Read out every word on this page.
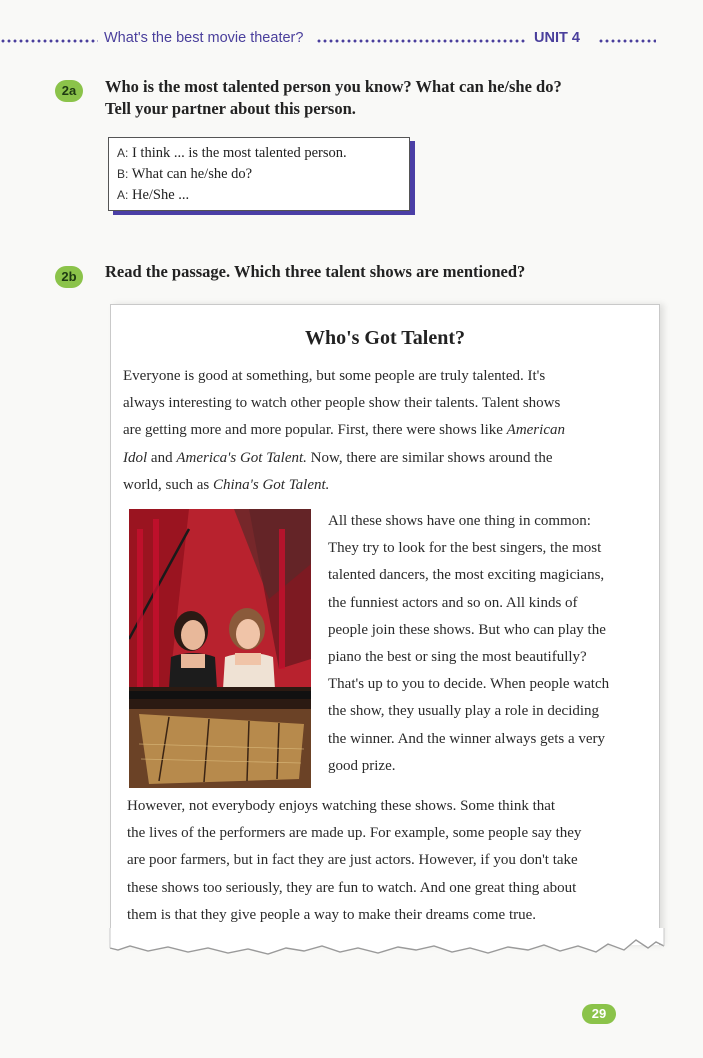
What's the best movie theater?	UNIT 4
2a	Who is the most talented person you know? What can he/she do?
Tell your partner about this person.
A: I think ... is the most talented person.
B: What can he/she do?
A: He/She ...
2b	Read the passage. Which three talent shows are mentioned?
Who's Got Talent?
Everyone is good at something, but some people are truly talented. It's
always interesting to watch other people show their talents. Talent shows
are getting more and more popular. First, there were shows like American
Idol and America's Got Talent. Now, there are similar shows around the
world, such as China's Got Talent.
All these shows have one thing in common:
They try to look for the best singers, the most
talented dancers, the most exciting magicians,
the funniest actors and so on. All kinds of
people join these shows. But who can play the
piano the best or sing the most beautifully?
That's up to you to decide. When people watch
the show, they usually play a role in deciding
the winner. And the winner always gets a very
good prize.
However, not everybody enjoys watching these shows. Some think that
the lives of the performers are made up. For example, some people say they
are poor farmers, but in fact they are just actors. However, if you don't take
these shows too seriously, they are fun to watch. And one great thing about
them is that they give people a way to make their dreams come true.
29
